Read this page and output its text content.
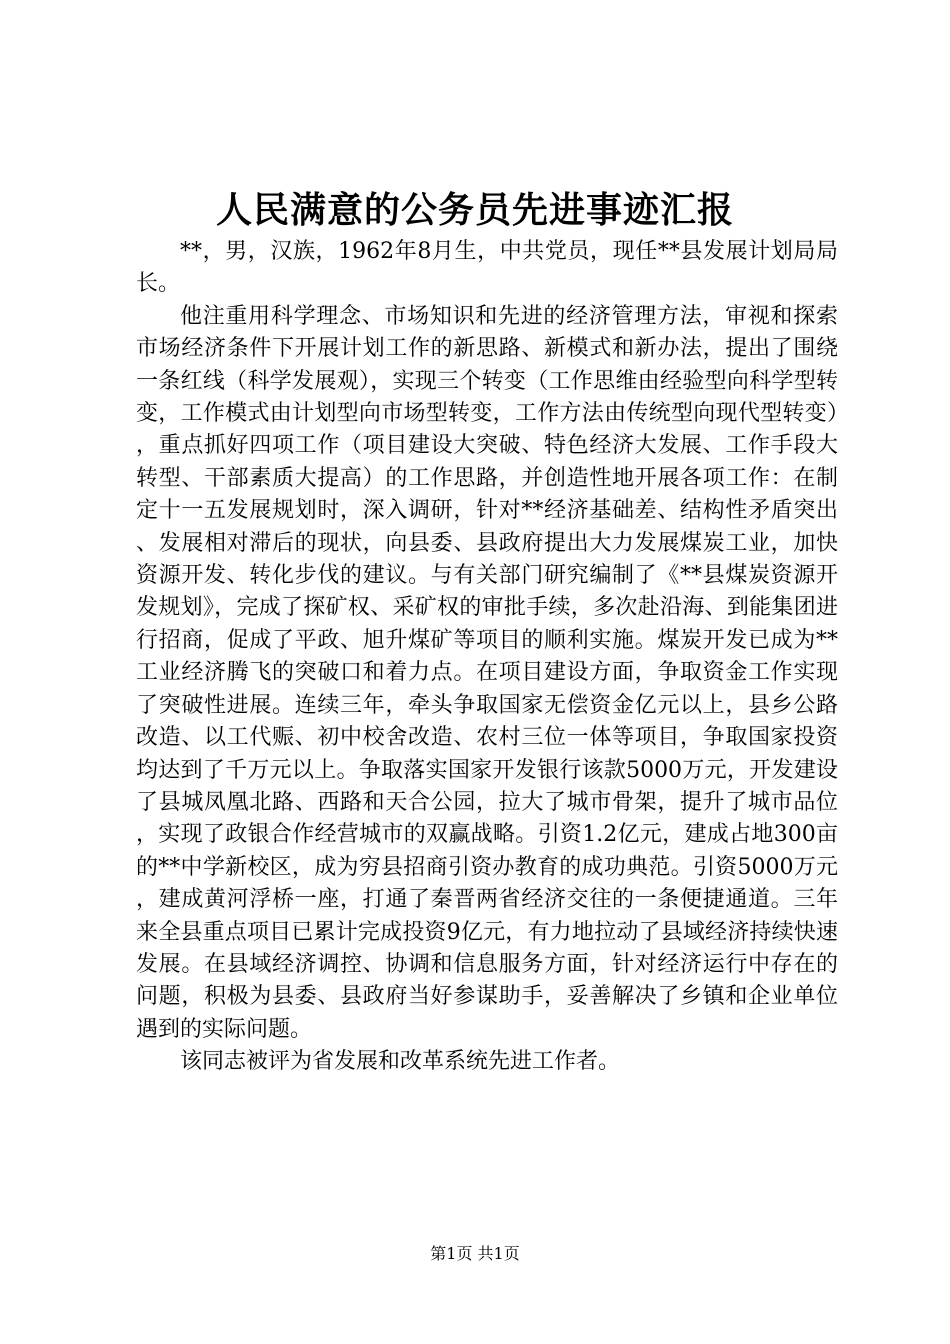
人民满意的公务员先进事迹汇报

**，男，汉族，1962年8月生，中共党员，现任**县发展计划局局长。

他注重用科学理念、市场知识和先进的经济管理方法，审视和探索市场经济条件下开展计划工作的新思路、新模式和新办法，提出了围绕一条红线（科学发展观），实现三个转变（工作思维由经验型向科学型转变，工作模式由计划型向市场型转变，工作方法由传统型向现代型转变），重点抓好四项工作（项目建设大突破、特色经济大发展、工作手段大转型、干部素质大提高）的工作思路，并创造性地开展各项工作：在制定十一五发展规划时，深入调研，针对**经济基础差、结构性矛盾突出、发展相对滞后的现状，向县委、县政府提出大力发展煤炭工业，加快资源开发、转化步伐的建议。与有关部门研究编制了《**县煤炭资源开发规划》，完成了探矿权、采矿权的审批手续，多次赴沿海、到能集团进行招商，促成了平政、旭升煤矿等项目的顺利实施。煤炭开发已成为**工业经济腾飞的突破口和着力点。在项目建设方面，争取资金工作实现了突破性进展。连续三年，牵头争取国家无偿资金亿元以上，县乡公路改造、以工代赈、初中校舍改造、农村三位一体等项目，争取国家投资均达到了千万元以上。争取落实国家开发银行该款5000万元，开发建设了县城凤凰北路、西路和天合公园，拉大了城市骨架，提升了城市品位，实现了政银合作经营城市的双赢战略。引资1.2亿元，建成占地300亩的**中学新校区，成为穷县招商引资办教育的成功典范。引资5000万元，建成黄河浮桥一座，打通了秦晋两省经济交往的一条便捷通道。三年来全县重点项目已累计完成投资9亿元，有力地拉动了县域经济持续快速发展。在县域经济调控、协调和信息服务方面，针对经济运行中存在的问题，积极为县委、县政府当好参谋助手，妥善解决了乡镇和企业单位遇到的实际问题。

该同志被评为省发展和改革系统先进工作者。

第1页 共1页
